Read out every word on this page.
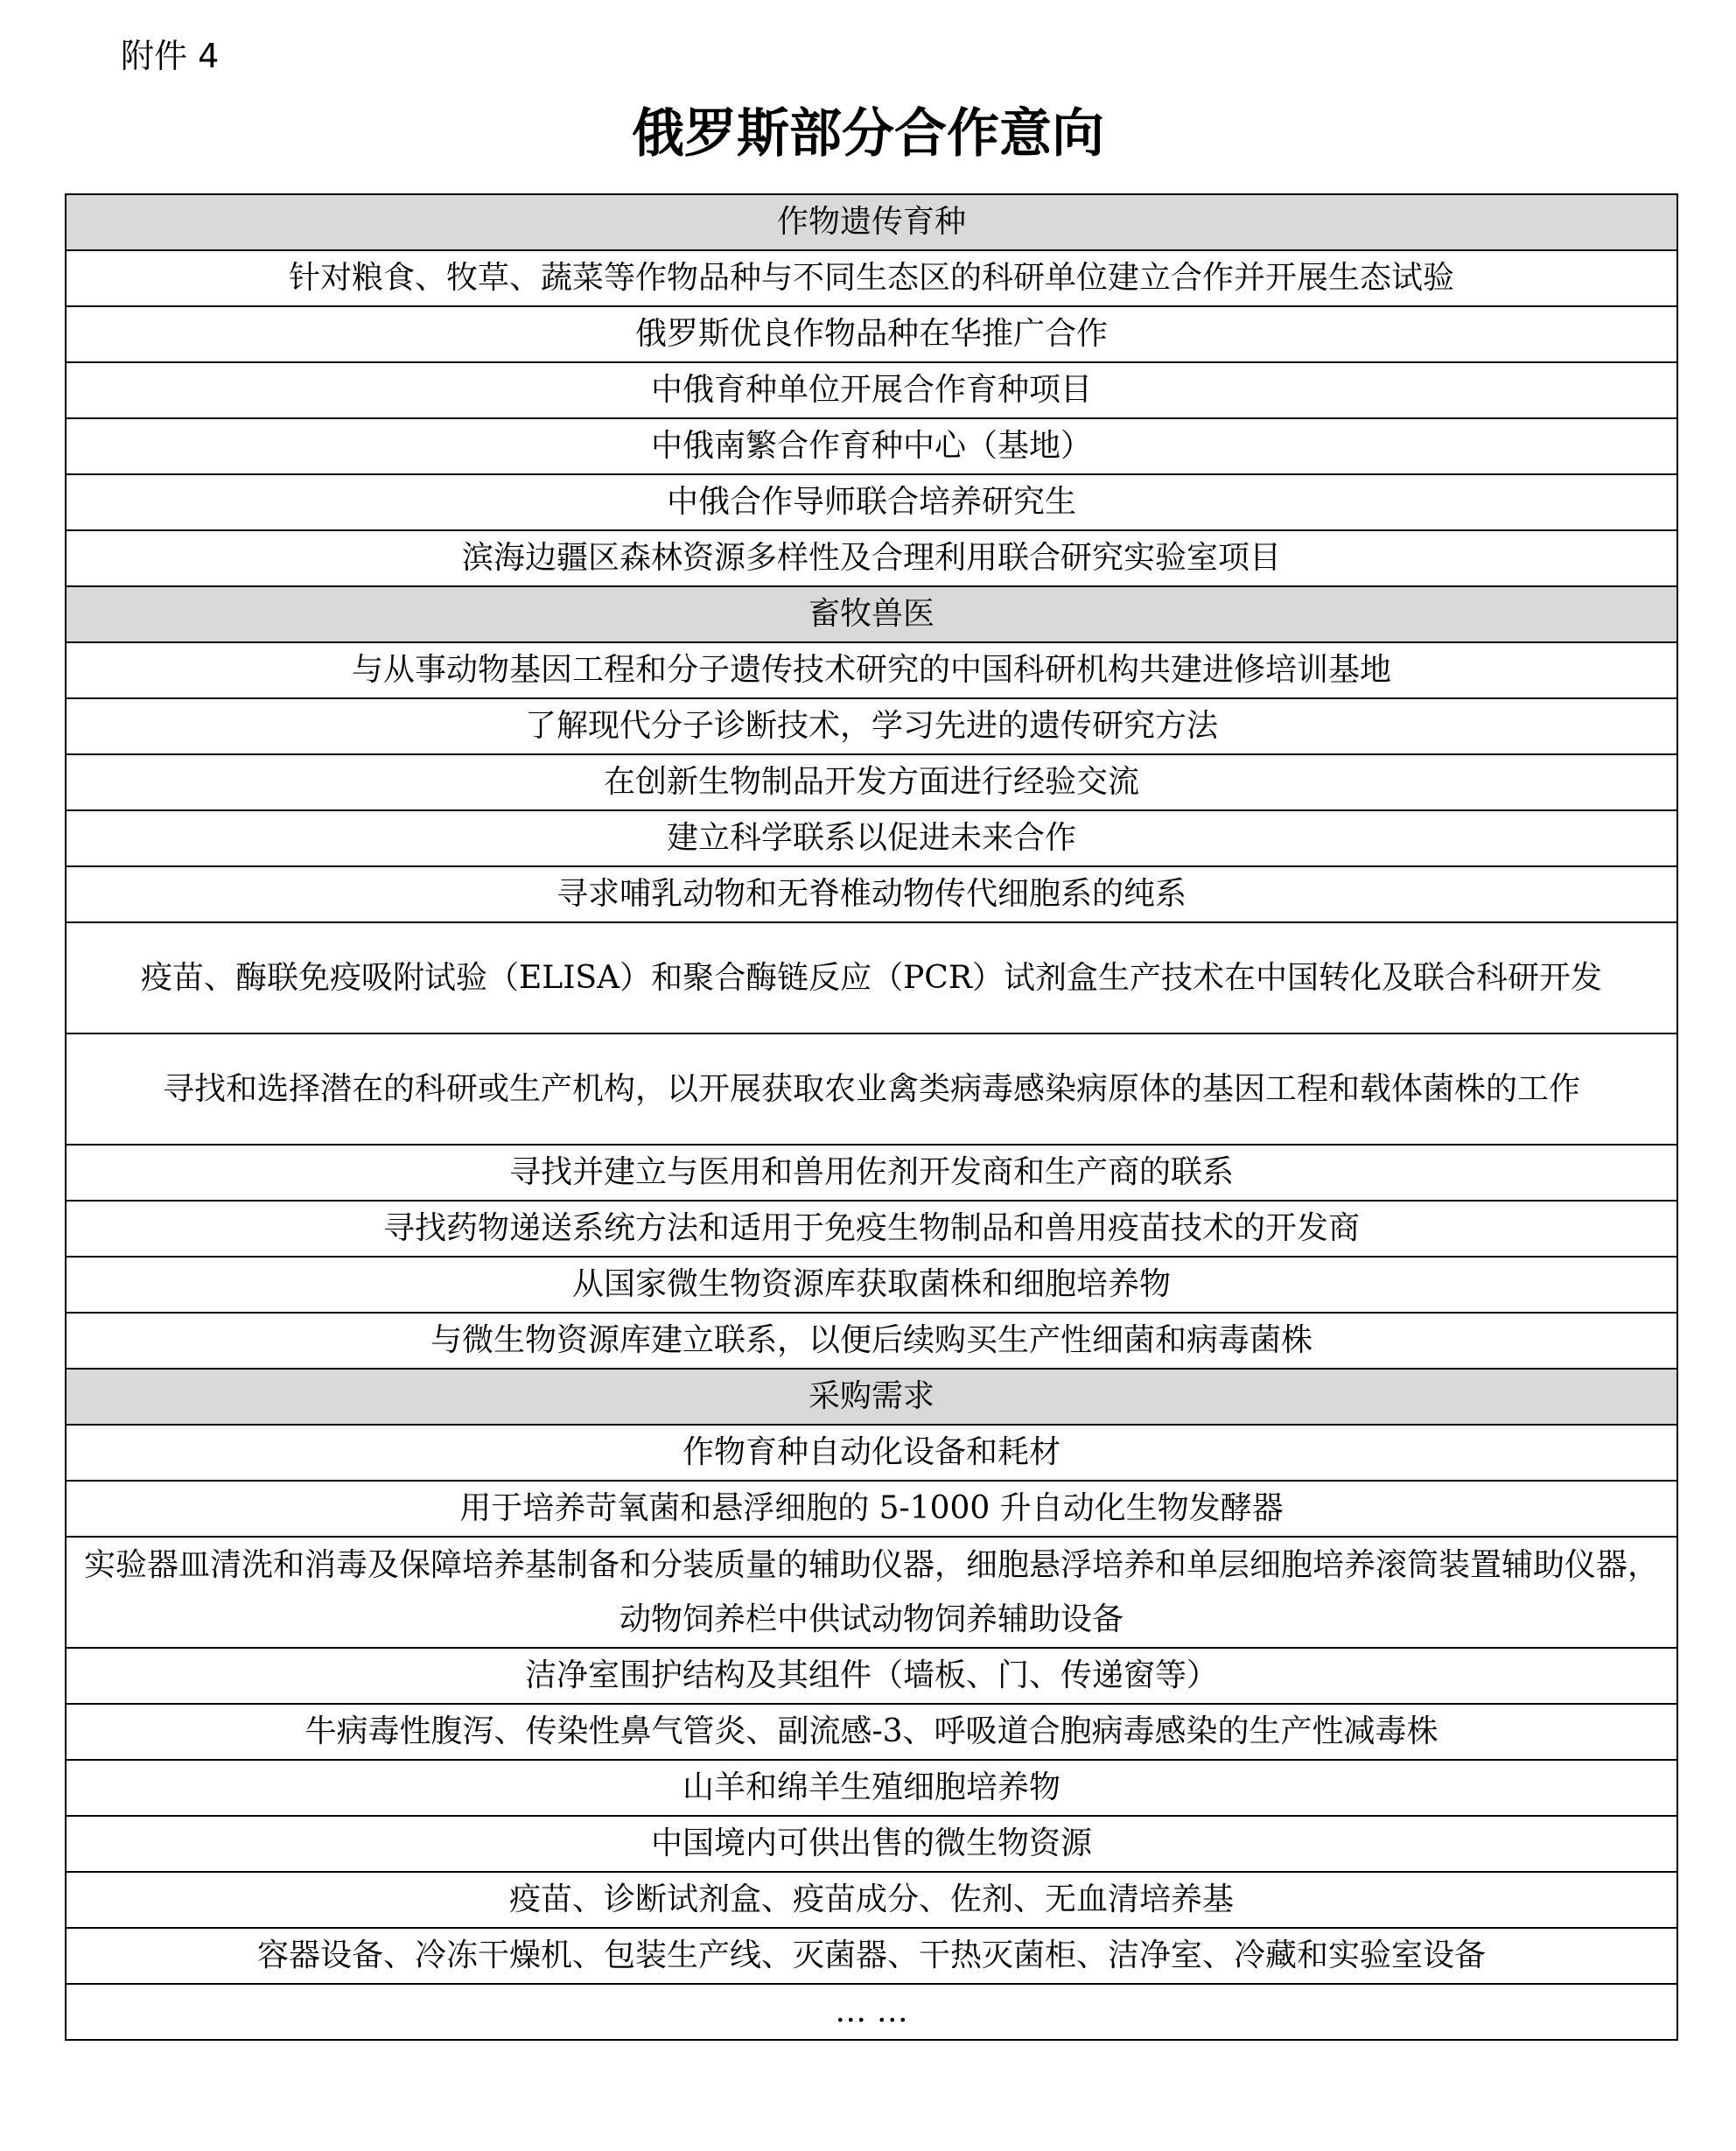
附件 4
俄罗斯部分合作意向
作物遗传育种
针对粮食、牧草、蔬菜等作物品种与不同生态区的科研单位建立合作并开展生态试验
俄罗斯优良作物品种在华推广合作
中俄育种单位开展合作育种项目
中俄南繁合作育种中心（基地）
中俄合作导师联合培养研究生
滨海边疆区森林资源多样性及合理利用联合研究实验室项目
畜牧兽医
与从事动物基因工程和分子遗传技术研究的中国科研机构共建进修培训基地
了解现代分子诊断技术，学习先进的遗传研究方法
在创新生物制品开发方面进行经验交流
建立科学联系以促进未来合作
寻求哺乳动物和无脊椎动物传代细胞系的纯系
疫苗、酶联免疫吸附试验（ELISA）和聚合酶链反应（PCR）试剂盒生产技术在中国转化及联合科研开发
寻找和选择潜在的科研或生产机构，以开展获取农业禽类病毒感染病原体的基因工程和载体菌株的工作
寻找并建立与医用和兽用佐剂开发商和生产商的联系
寻找药物递送系统方法和适用于免疫生物制品和兽用疫苗技术的开发商
从国家微生物资源库获取菌株和细胞培养物
与微生物资源库建立联系，以便后续购买生产性细菌和病毒菌株
采购需求
作物育种自动化设备和耗材
用于培养苛氧菌和悬浮细胞的 5-1000 升自动化生物发酵器
实验器皿清洗和消毒及保障培养基制备和分装质量的辅助仪器，细胞悬浮培养和单层细胞培养滚筒装置辅助仪器，动物饲养栏中供试动物饲养辅助设备
洁净室围护结构及其组件（墙板、门、传递窗等）
牛病毒性腹泻、传染性鼻气管炎、副流感-3、呼吸道合胞病毒感染的生产性减毒株
山羊和绵羊生殖细胞培养物
中国境内可供出售的微生物资源
疫苗、诊断试剂盒、疫苗成分、佐剂、无血清培养基
容器设备、冷冻干燥机、包装生产线、灭菌器、干热灭菌柜、洁净室、冷藏和实验室设备
… …
